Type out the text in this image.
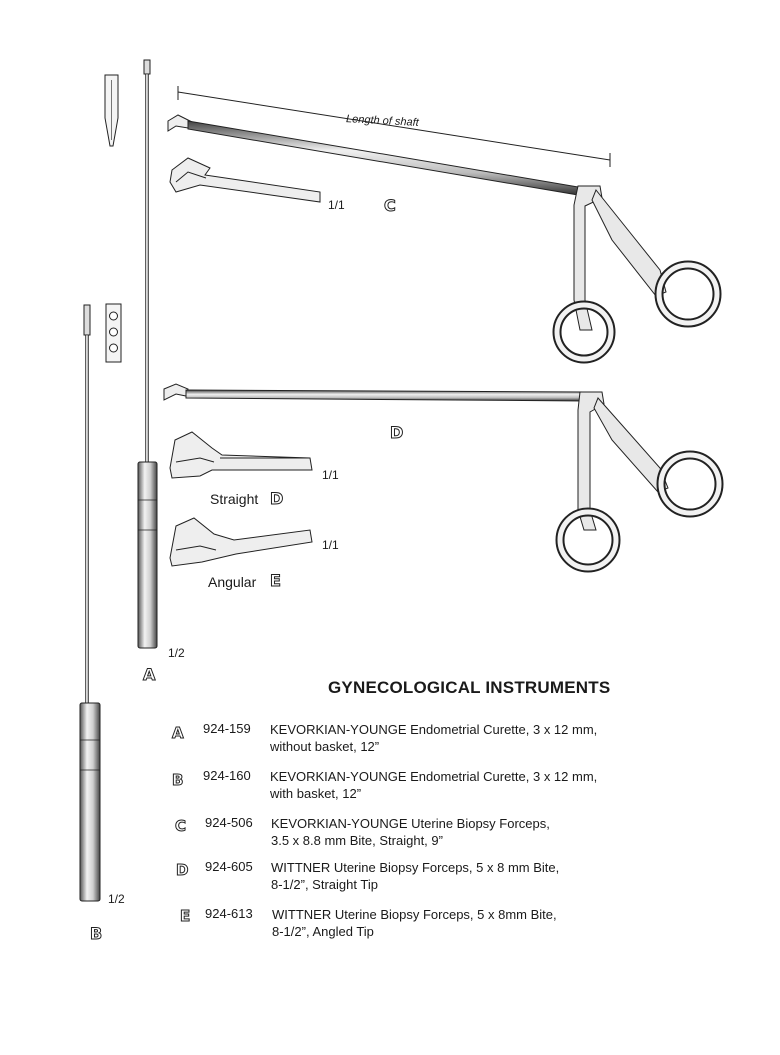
Length of shaft
1/1 C
D
1/1
Straight D
1/1
Angular E
1/2
A
1/2
B
GYNECOLOGICAL INSTRUMENTS
A 924-159 KEVORKIAN-YOUNGE Endometrial Curette, 3 x 12 mm,
without basket, 12”
B 924-160 KEVORKIAN-YOUNGE Endometrial Curette, 3 x 12 mm,
with basket, 12”
C 924-506 KEVORKIAN-YOUNGE Uterine Biopsy Forceps,
3.5 x 8.8 mm Bite, Straight, 9”
D 924-605 WITTNER Uterine Biopsy Forceps, 5 x 8 mm Bite,
8-1/2”, Straight Tip
E 924-613 WITTNER Uterine Biopsy Forceps, 5 x 8mm Bite,
8-1/2”, Angled Tip
